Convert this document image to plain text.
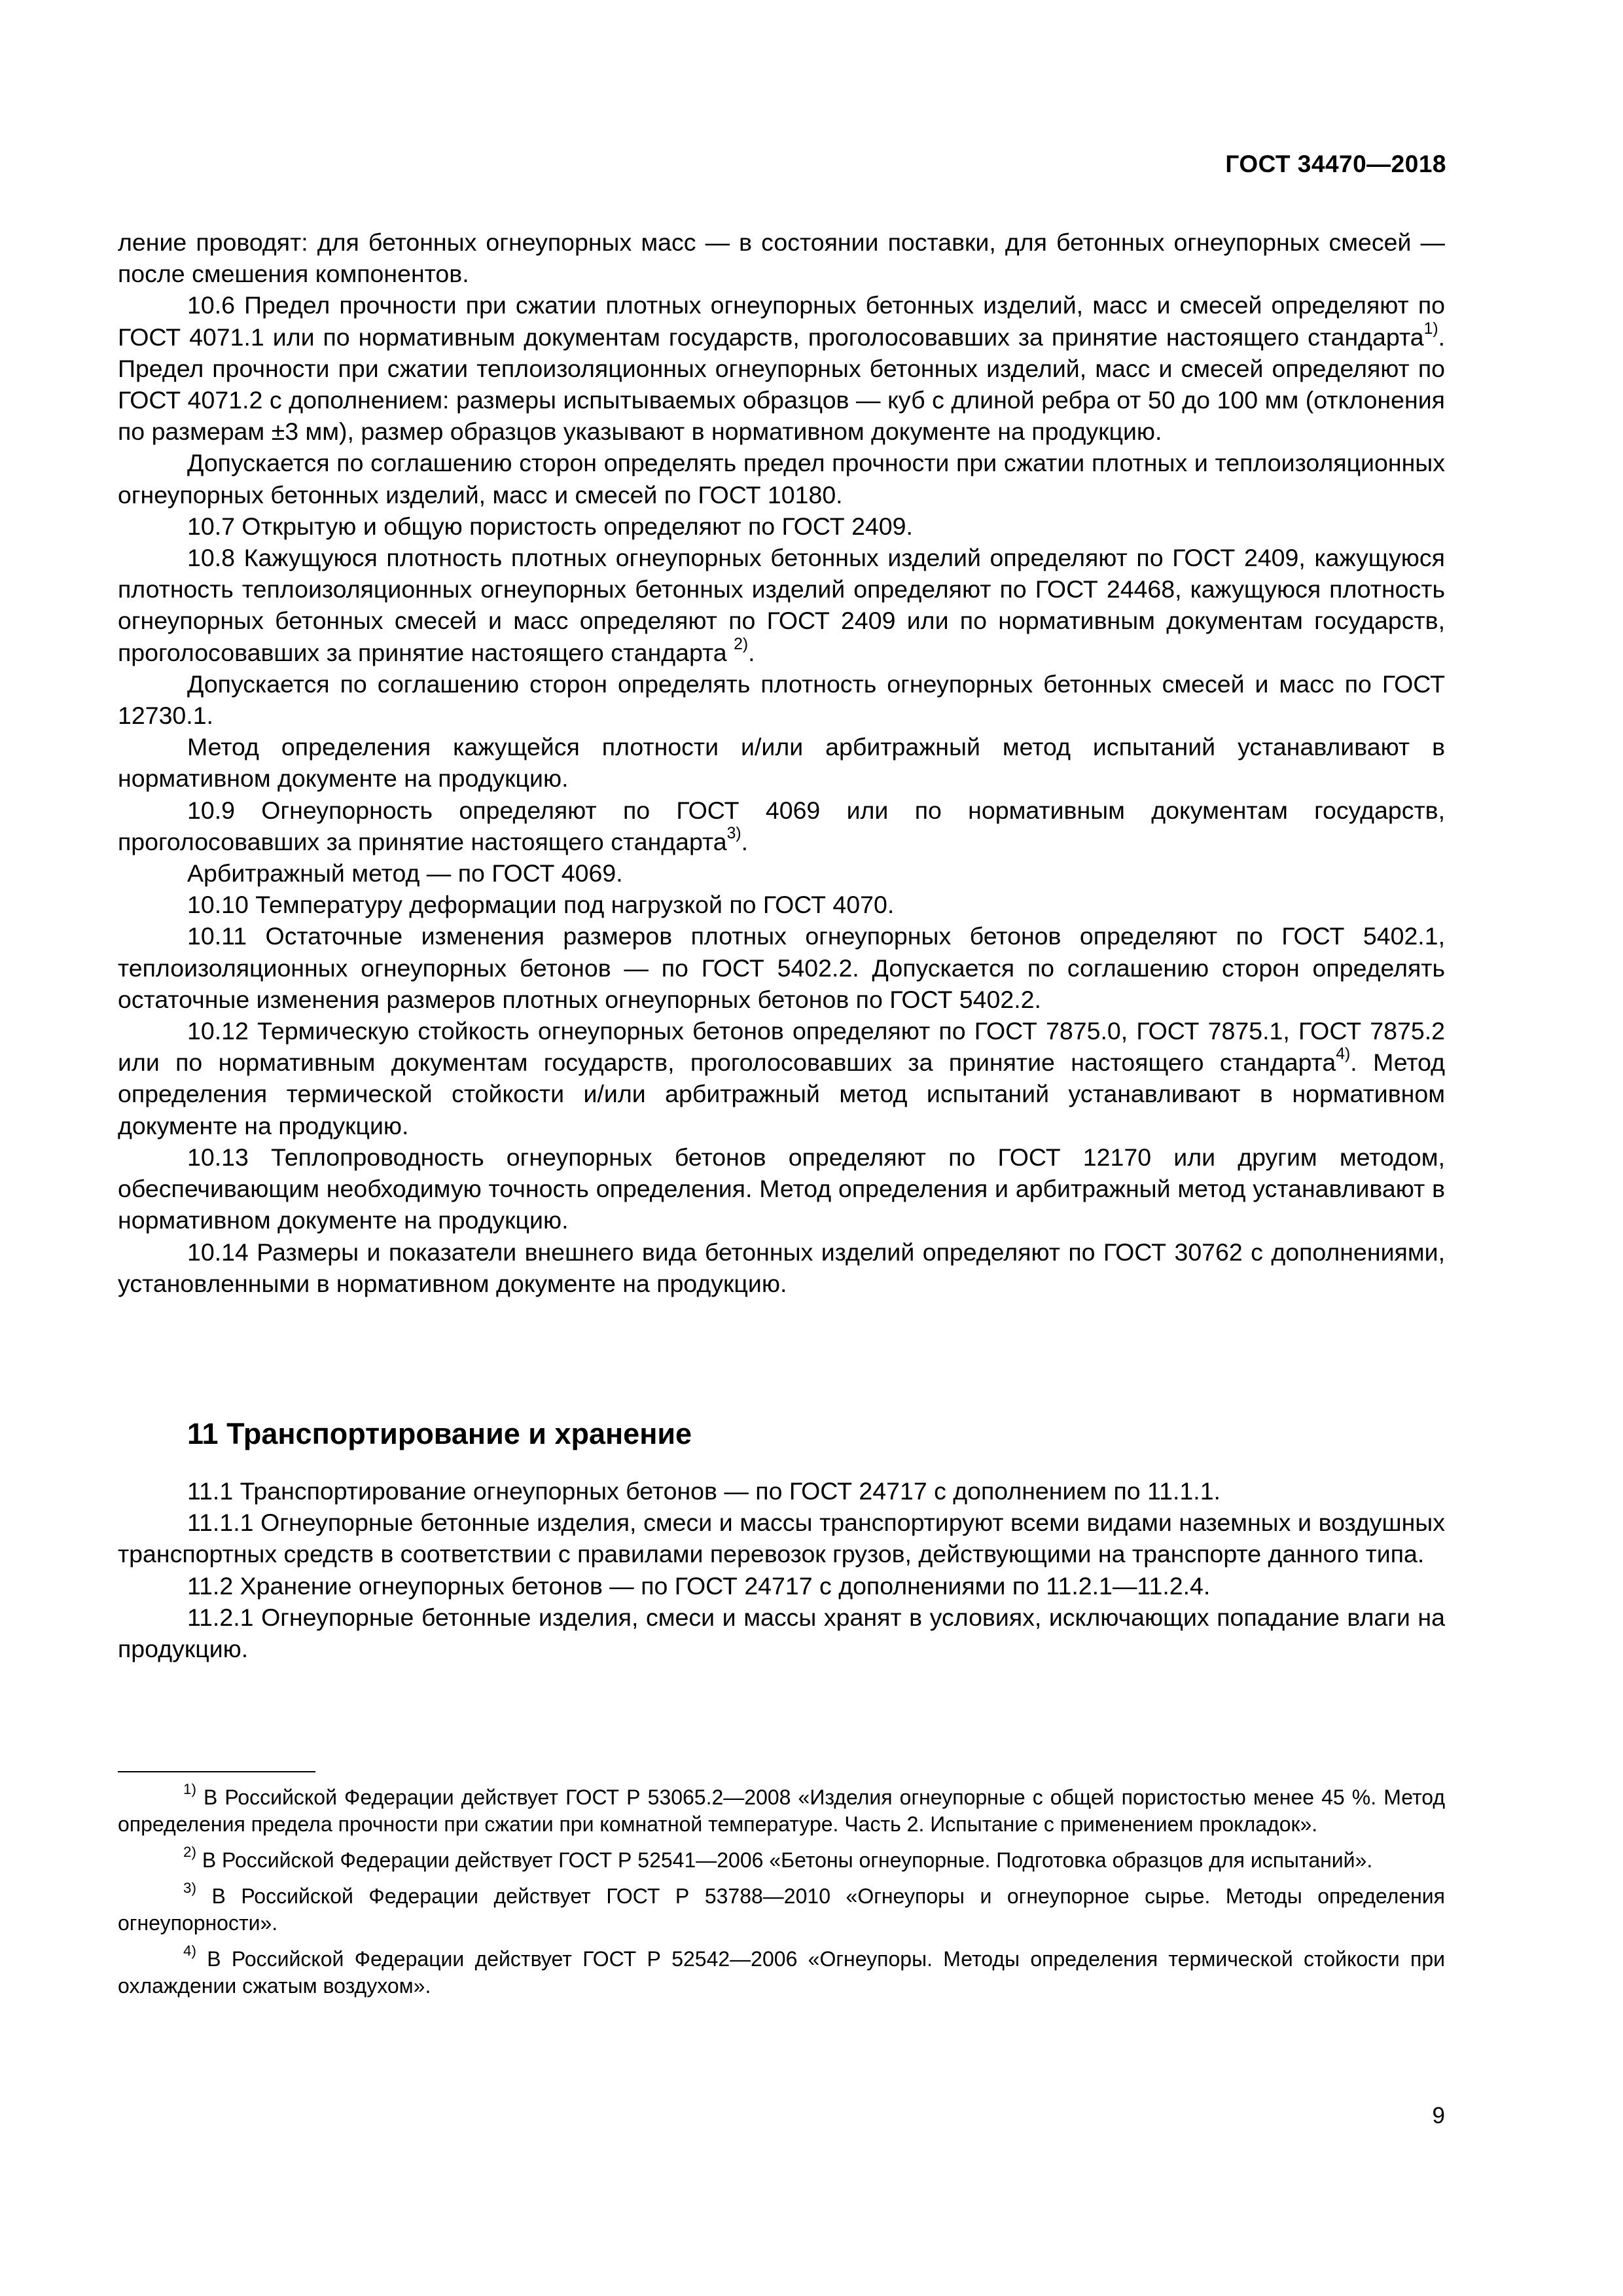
ГОСТ 34470—2018

ление проводят: для бетонных огнеупорных масс — в состоянии поставки, для бетонных огнеупорных смесей — после смешения компонентов.

10.6 Предел прочности при сжатии плотных огнеупорных бетонных изделий, масс и смесей определяют по ГОСТ 4071.1 или по нормативным документам государств, проголосовавших за принятие настоящего стандарта$^{1)}$. Предел прочности при сжатии теплоизоляционных огнеупорных бетонных изделий, масс и смесей определяют по ГОСТ 4071.2 с дополнением: размеры испытываемых образцов — куб с длиной ребра от 50 до 100 мм (отклонения по размерам ±3 мм), размер образцов указывают в нормативном документе на продукцию.

Допускается по соглашению сторон определять предел прочности при сжатии плотных и теплоизоляционных огнеупорных бетонных изделий, масс и смесей по ГОСТ 10180.

10.7 Открытую и общую пористость определяют по ГОСТ 2409.

10.8 Кажущуюся плотность плотных огнеупорных бетонных изделий определяют по ГОСТ 2409, кажущуюся плотность теплоизоляционных огнеупорных бетонных изделий определяют по ГОСТ 24468, кажущуюся плотность огнеупорных бетонных смесей и масс определяют по ГОСТ 2409 или по нормативным документам государств, проголосовавших за принятие настоящего стандарта $^{2)}$.

Допускается по соглашению сторон определять плотность огнеупорных бетонных смесей и масс по ГОСТ 12730.1.

Метод определения кажущейся плотности и/или арбитражный метод испытаний устанавливают в нормативном документе на продукцию.

10.9 Огнеупорность определяют по ГОСТ 4069 или по нормативным документам государств, проголосовавших за принятие настоящего стандарта$^{3)}$.

Арбитражный метод — по ГОСТ 4069.

10.10 Температуру деформации под нагрузкой по ГОСТ 4070.

10.11 Остаточные изменения размеров плотных огнеупорных бетонов определяют по ГОСТ 5402.1, теплоизоляционных огнеупорных бетонов — по ГОСТ 5402.2. Допускается по соглашению сторон определять остаточные изменения размеров плотных огнеупорных бетонов по ГОСТ 5402.2.

10.12 Термическую стойкость огнеупорных бетонов определяют по ГОСТ 7875.0, ГОСТ 7875.1, ГОСТ 7875.2 или по нормативным документам государств, проголосовавших за принятие настоящего стандарта$^{4)}$. Метод определения термической стойкости и/или арбитражный метод испытаний устанавливают в нормативном документе на продукцию.

10.13 Теплопроводность огнеупорных бетонов определяют по ГОСТ 12170 или другим методом, обеспечивающим необходимую точность определения. Метод определения и арбитражный метод устанавливают в нормативном документе на продукцию.

10.14 Размеры и показатели внешнего вида бетонных изделий определяют по ГОСТ 30762 с дополнениями, установленными в нормативном документе на продукцию.

11 Транспортирование и хранение

11.1 Транспортирование огнеупорных бетонов — по ГОСТ 24717 с дополнением по 11.1.1.

11.1.1 Огнеупорные бетонные изделия, смеси и массы транспортируют всеми видами наземных и воздушных транспортных средств в соответствии с правилами перевозок грузов, действующими на транспорте данного типа.

11.2 Хранение огнеупорных бетонов — по ГОСТ 24717 с дополнениями по 11.2.1—11.2.4.

11.2.1 Огнеупорные бетонные изделия, смеси и массы хранят в условиях, исключающих попадание влаги на продукцию.

$^{1)}$ В Российской Федерации действует ГОСТ Р 53065.2—2008 «Изделия огнеупорные с общей пористостью менее 45 %. Метод определения предела прочности при сжатии при комнатной температуре. Часть 2. Испытание с применением прокладок».

$^{2)}$ В Российской Федерации действует ГОСТ Р 52541—2006 «Бетоны огнеупорные. Подготовка образцов для испытаний».

$^{3)}$ В Российской Федерации действует ГОСТ Р 53788—2010 «Огнеупоры и огнеупорное сырье. Методы определения огнеупорности».

$^{4)}$ В Российской Федерации действует ГОСТ Р 52542—2006 «Огнеупоры. Методы определения термической стойкости при охлаждении сжатым воздухом».

9
